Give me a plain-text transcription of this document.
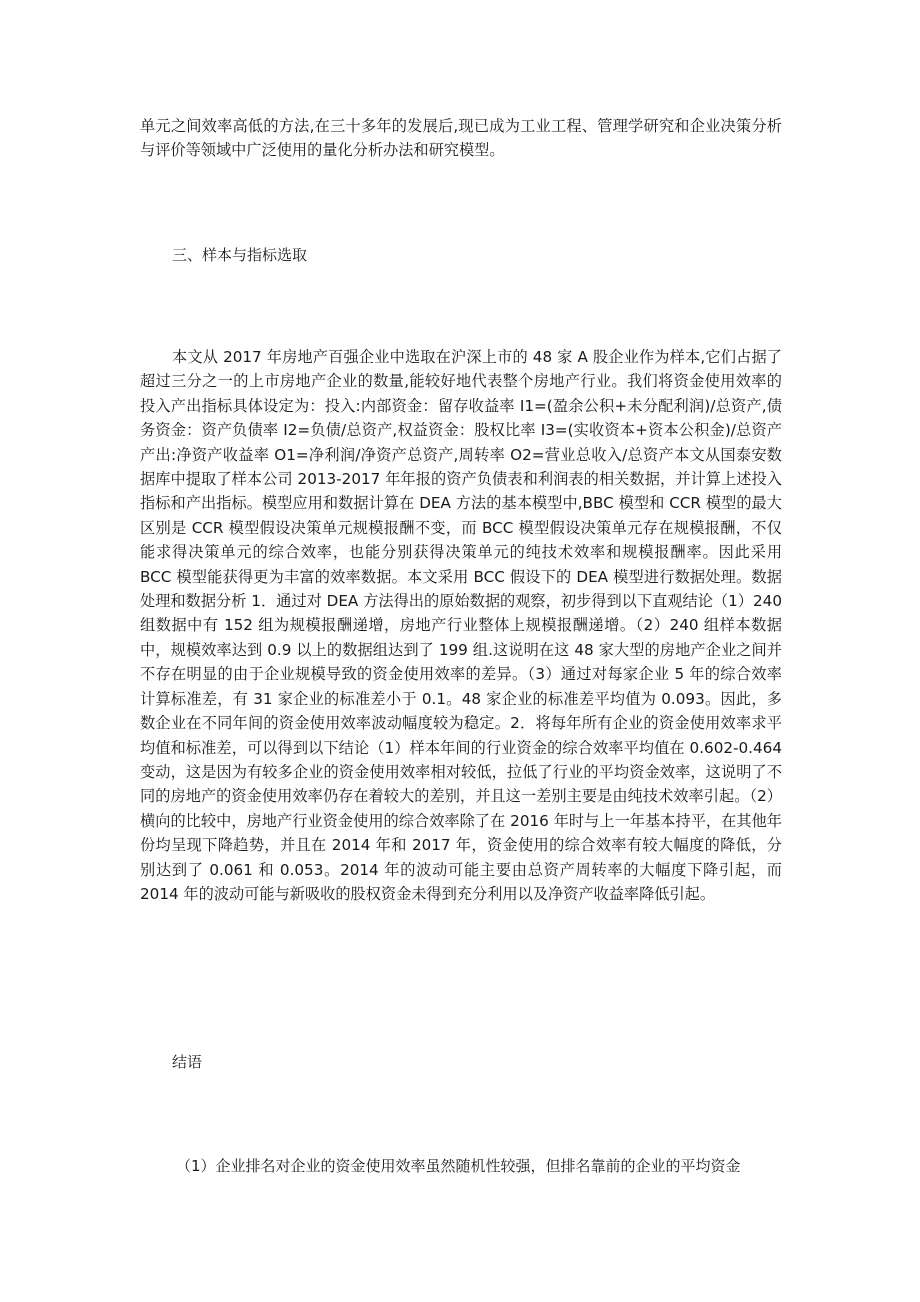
单元之间效率高低的方法,在三十多年的发展后,现已成为工业工程、管理学研究和企业决策分析与评价等领域中广泛使用的量化分析办法和研究模型。

三、样本与指标选取

本文从 2017 年房地产百强企业中选取在沪深上市的 48 家 A 股企业作为样本,它们占据了超过三分之一的上市房地产企业的数量,能较好地代表整个房地产行业。我们将资金使用效率的投入产出指标具体设定为：投入:内部资金：留存收益率 I1=(盈余公积+未分配利润)/总资产,债务资金：资产负债率 I2=负债/总资产,权益资金：股权比率 I3=(实收资本+资本公积金)/总资产产出:净资产收益率 O1=净利润/净资产总资产,周转率 O2=营业总收入/总资产本文从国泰安数据库中提取了样本公司 2013-2017 年年报的资产负债表和利润表的相关数据，并计算上述投入指标和产出指标。模型应用和数据计算在 DEA 方法的基本模型中,BBC 模型和 CCR 模型的最大区别是 CCR 模型假设决策单元规模报酬不变，而 BCC 模型假设决策单元存在规模报酬，不仅能求得决策单元的综合效率，也能分别获得决策单元的纯技术效率和规模报酬率。因此采用 BCC 模型能获得更为丰富的效率数据。本文采用 BCC 假设下的 DEA 模型进行数据处理。数据处理和数据分析 1．通过对 DEA 方法得出的原始数据的观察，初步得到以下直观结论（1）240 组数据中有 152 组为规模报酬递增，房地产行业整体上规模报酬递增。（2）240 组样本数据中，规模效率达到 0.9 以上的数据组达到了 199 组.这说明在这 48 家大型的房地产企业之间并不存在明显的由于企业规模导致的资金使用效率的差异。（3）通过对每家企业 5 年的综合效率计算标准差，有 31 家企业的标准差小于 0.1。48 家企业的标准差平均值为 0.093。因此，多数企业在不同年间的资金使用效率波动幅度较为稳定。2．将每年所有企业的资金使用效率求平均值和标准差，可以得到以下结论（1）样本年间的行业资金的综合效率平均值在 0.602-0.464 变动，这是因为有较多企业的资金使用效率相对较低，拉低了行业的平均资金效率，这说明了不同的房地产的资金使用效率仍存在着较大的差别，并且这一差别主要是由纯技术效率引起。（2）横向的比较中，房地产行业资金使用的综合效率除了在 2016 年时与上一年基本持平，在其他年份均呈现下降趋势，并且在 2014 年和 2017 年，资金使用的综合效率有较大幅度的降低，分别达到了 0.061 和 0.053。2014 年的波动可能主要由总资产周转率的大幅度下降引起，而 2014 年的波动可能与新吸收的股权资金未得到充分利用以及净资产收益率降低引起。

结语

（1）企业排名对企业的资金使用效率虽然随机性较强，但排名靠前的企业的平均资金
